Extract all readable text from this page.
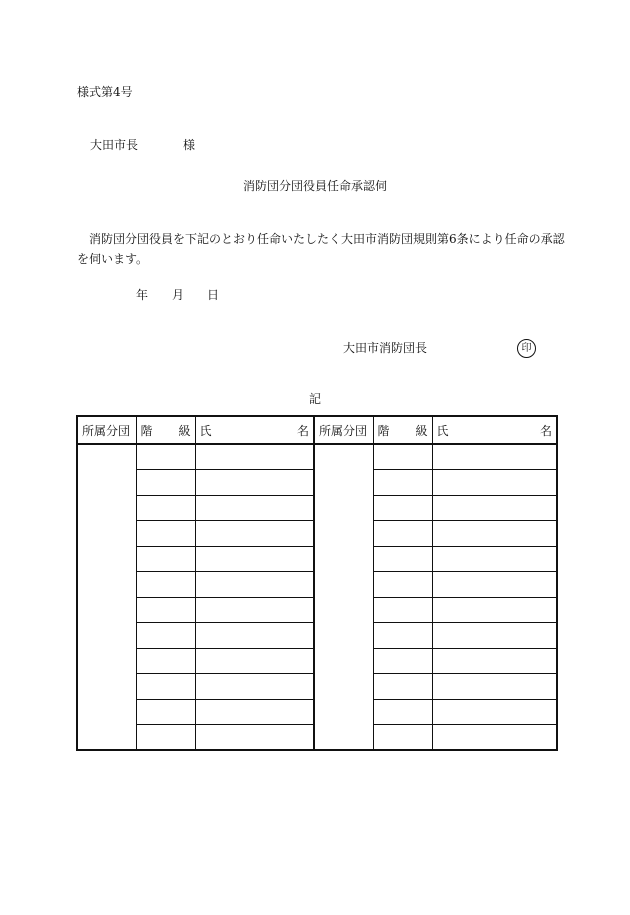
様式第4号
大田市長	様
消防団分団役員任命承認伺
消防団分団役員を下記のとおり任命いたしたく大田市消防団規則第6条により任命の承認を伺います。
年 月 日
大田市消防団長	印
記
所属分団	階 級	氏 名	所属分団	階 級	氏 名
